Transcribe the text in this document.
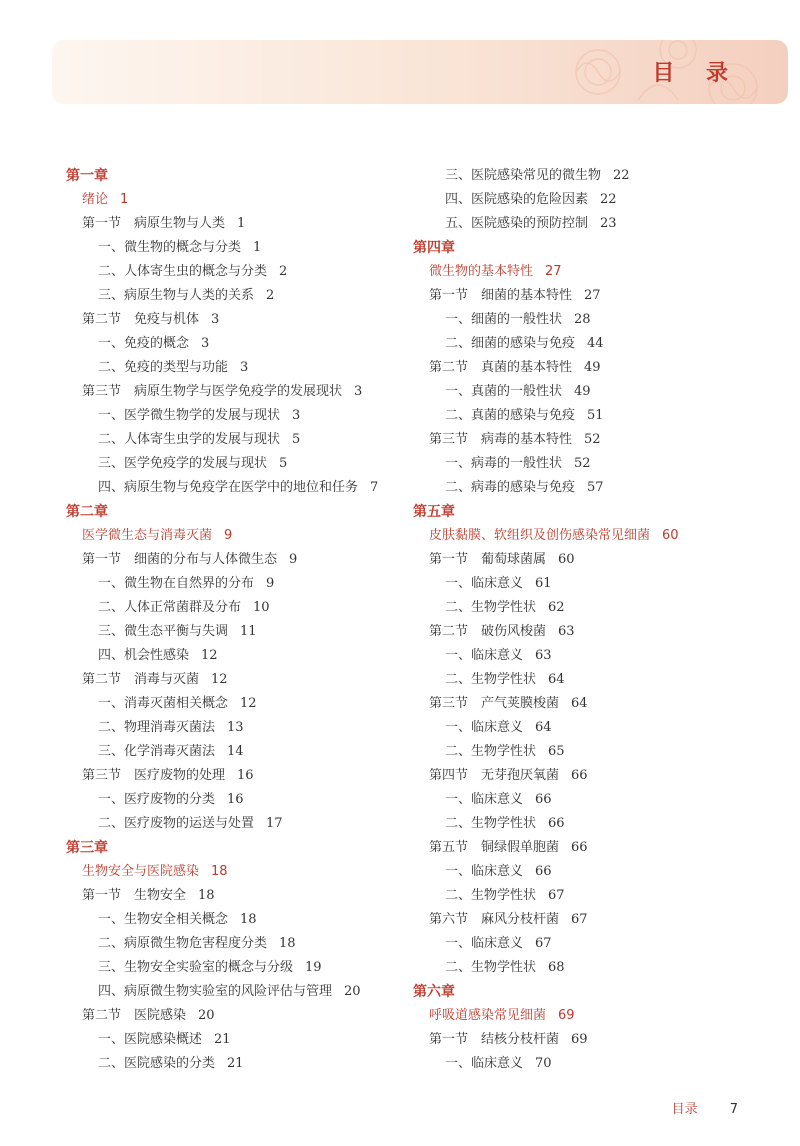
目 录
第一章
绪论 1
第一节　病原生物与人类 1
一、微生物的概念与分类 1
二、人体寄生虫的概念与分类 2
三、病原生物与人类的关系 2
第二节　免疫与机体 3
一、免疫的概念 3
二、免疫的类型与功能 3
第三节　病原生物学与医学免疫学的发展现状 3
一、医学微生物学的发展与现状 3
二、人体寄生虫学的发展与现状 5
三、医学免疫学的发展与现状 5
四、病原生物与免疫学在医学中的地位和任务 7
第二章
医学微生态与消毒灭菌 9
第一节　细菌的分布与人体微生态 9
一、微生物在自然界的分布 9
二、人体正常菌群及分布 10
三、微生态平衡与失调 11
四、机会性感染 12
第二节　消毒与灭菌 12
一、消毒灭菌相关概念 12
二、物理消毒灭菌法 13
三、化学消毒灭菌法 14
第三节　医疗废物的处理 16
一、医疗废物的分类 16
二、医疗废物的运送与处置 17
第三章
生物安全与医院感染 18
第一节　生物安全 18
一、生物安全相关概念 18
二、病原微生物危害程度分类 18
三、生物安全实验室的概念与分级 19
四、病原微生物实验室的风险评估与管理 20
第二节　医院感染 20
一、医院感染概述 21
二、医院感染的分类 21
三、医院感染常见的微生物 22
四、医院感染的危险因素 22
五、医院感染的预防控制 23
第四章
微生物的基本特性 27
第一节　细菌的基本特性 27
一、细菌的一般性状 28
二、细菌的感染与免疫 44
第二节　真菌的基本特性 49
一、真菌的一般性状 49
二、真菌的感染与免疫 51
第三节　病毒的基本特性 52
一、病毒的一般性状 52
二、病毒的感染与免疫 57
第五章
皮肤黏膜、软组织及创伤感染常见细菌 60
第一节　葡萄球菌属 60
一、临床意义 61
二、生物学性状 62
第二节　破伤风梭菌 63
一、临床意义 63
二、生物学性状 64
第三节　产气荚膜梭菌 64
一、临床意义 64
二、生物学性状 65
第四节　无芽孢厌氧菌 66
一、临床意义 66
二、生物学性状 66
第五节　铜绿假单胞菌 66
一、临床意义 66
二、生物学性状 67
第六节　麻风分枝杆菌 67
一、临床意义 67
二、生物学性状 68
第六章
呼吸道感染常见细菌 69
第一节　结核分枝杆菌 69
一、临床意义 70
目录 7
